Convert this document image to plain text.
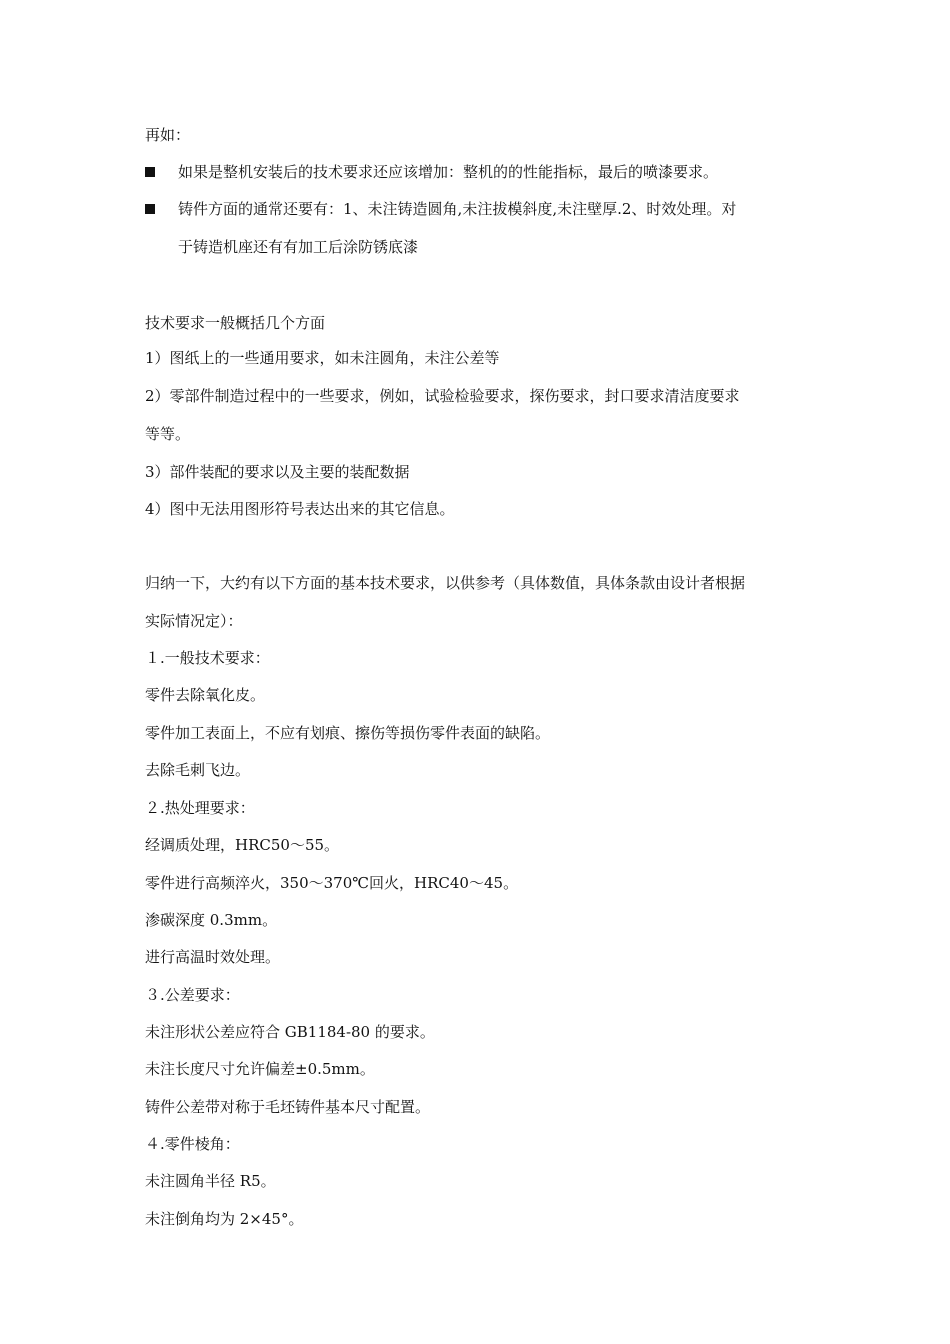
再如：
如果是整机安装后的技术要求还应该增加：整机的的性能指标，最后的喷漆要求。
铸件方面的通常还要有：1、未注铸造圆角,未注拔模斜度,未注壁厚.2、时效处理。对
于铸造机座还有有加工后涂防锈底漆
技术要求一般概括几个方面
1）图纸上的一些通用要求，如未注圆角，未注公差等
2）零部件制造过程中的一些要求，例如，试验检验要求，探伤要求，封口要求清洁度要求
等等。
3）部件装配的要求以及主要的装配数据
4）图中无法用图形符号表达出来的其它信息。
归纳一下，大约有以下方面的基本技术要求，以供参考（具体数值，具体条款由设计者根据
实际情况定）：
１.一般技术要求：
零件去除氧化皮。
零件加工表面上，不应有划痕、擦伤等损伤零件表面的缺陷。
去除毛刺飞边。
２.热处理要求：
经调质处理，HRC50～55。
零件进行高频淬火，350～370℃回火，HRC40～45。
渗碳深度 0.3mm。
进行高温时效处理。
３.公差要求：
未注形状公差应符合 GB1184-80 的要求。
未注长度尺寸允许偏差±0.5mm。
铸件公差带对称于毛坯铸件基本尺寸配置。
４.零件棱角：
未注圆角半径 R5。
未注倒角均为 2×45°。
